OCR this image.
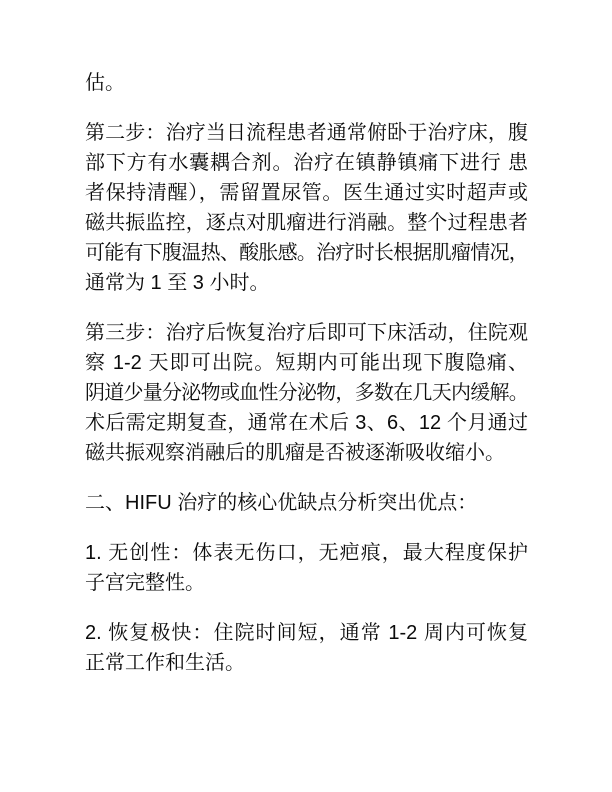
估。
第二步：治疗当日流程患者通常俯卧于治疗床，腹
部下方有水囊耦合剂。治疗在镇静镇痛下进行 患
者保持清醒），需留置尿管。医生通过实时超声或
磁共振监控，逐点对肌瘤进行消融。整个过程患者
可能有下腹温热、酸胀感。治疗时长根据肌瘤情况，
通常为 1 至 3 小时。
第三步：治疗后恢复治疗后即可下床活动，住院观
察 1-2 天即可出院。短期内可能出现下腹隐痛、
阴道少量分泌物或血性分泌物，多数在几天内缓解。
术后需定期复查，通常在术后 3、6、12 个月通过
磁共振观察消融后的肌瘤是否被逐渐吸收缩小。
二、HIFU 治疗的核心优缺点分析突出优点：
1. 无创性：体表无伤口，无疤痕，最大程度保护
子宫完整性。
2. 恢复极快：住院时间短，通常 1-2 周内可恢复
正常工作和生活。
